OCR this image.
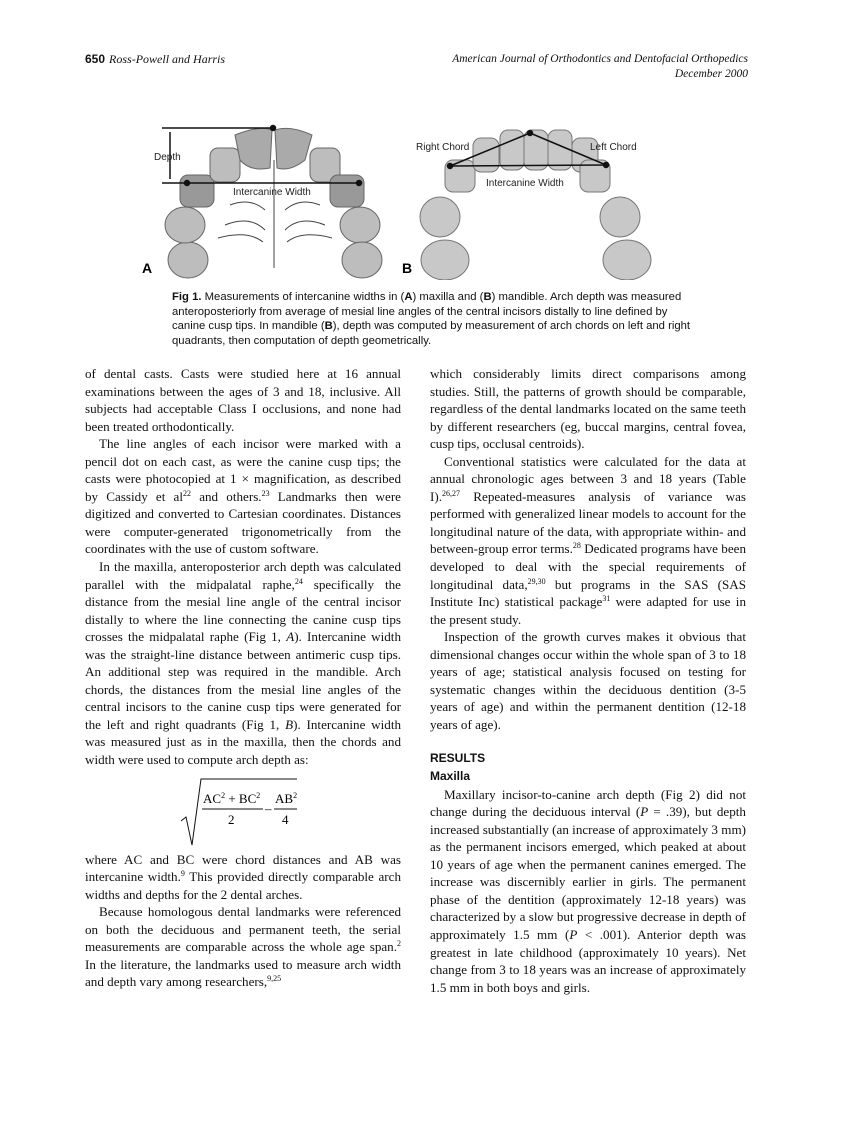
650 Ross-Powell and Harris	American Journal of Orthodontics and Dentofacial Orthopedics
December 2000
Depth
Intercanine Width
A
Right Chord	Left Chord
Intercanine Width
B
Fig 1. Measurements of intercanine widths in (A) maxilla and (B) mandible. Arch depth was measured anteroposteriorly from average of mesial line angles of the central incisors distally to line defined by canine cusp tips. In mandible (B), depth was computed by measurement of arch chords on left and right quadrants, then computation of depth geometrically.

of dental casts. Casts were studied here at 16 annual examinations between the ages of 3 and 18, inclusive. All subjects had acceptable Class I occlusions, and none had been treated orthodontically.

The line angles of each incisor were marked with a pencil dot on each cast, as were the canine cusp tips; the casts were photocopied at 1 × magnification, as described by Cassidy et $al^{22}$ and others.$^{23}$ Landmarks then were digitized and converted to Cartesian coordinates. Distances were computer-generated trigonometrically from the coordinates with the use of custom software.

In the maxilla, anteroposterior arch depth was calculated parallel with the midpalatal raphe,$^{24}$ specifically the distance from the mesial line angle of the central incisor distally to where the line connecting the canine cusp tips crosses the midpalatal raphe (Fig 1, A). Intercanine width was the straight-line distance between antimeric cusp tips. An additional step was required in the mandible. Arch chords, the distances from the mesial line angles of the central incisors to the canine cusp tips were generated for the left and right quadrants (Fig 1, B). Intercanine width was measured just as in the maxilla, then the chords and width were used to compute arch depth as:

$AC^2 + BC^2$
2
–
$AB^2$
4

where AC and BC were chord distances and AB was intercanine width.$^9$ This provided directly comparable arch widths and depths for the 2 dental arches.

Because homologous dental landmarks were referenced on both the deciduous and permanent teeth, the serial measurements are comparable across the whole age span.$^2$ In the literature, the landmarks used to measure arch width and depth vary among researchers,$^{9,25}$

which considerably limits direct comparisons among studies. Still, the patterns of growth should be comparable, regardless of the dental landmarks located on the same teeth by different researchers (eg, buccal margins, central fovea, cusp tips, occlusal centroids).

Conventional statistics were calculated for the data at annual chronologic ages between 3 and 18 years (Table I).$^{26,27}$ Repeated-measures analysis of variance was performed with generalized linear models to account for the longitudinal nature of the data, with appropriate within- and between-group error terms.$^{28}$ Dedicated programs have been developed to deal with the special requirements of longitudinal data,$^{29,30}$ but programs in the SAS (SAS Institute Inc) statistical package$^{31}$ were adapted for use in the present study.

Inspection of the growth curves makes it obvious that dimensional changes occur within the whole span of 3 to 18 years of age; statistical analysis focused on testing for systematic changes within the deciduous dentition (3-5 years of age) and within the permanent dentition (12-18 years of age).

RESULTS

Maxilla

Maxillary incisor-to-canine arch depth (Fig 2) did not change during the deciduous interval (P = .39), but depth increased substantially (an increase of approximately 3 mm) as the permanent incisors emerged, which peaked at about 10 years of age when the permanent canines emerged. The increase was discernibly earlier in girls. The permanent phase of the dentition (approximately 12-18 years) was characterized by a slow but progressive decrease in depth of approximately 1.5 mm (P < .001). Anterior depth was greatest in late childhood (approximately 10 years). Net change from 3 to 18 years was an increase of approximately 1.5 mm in both boys and girls.
